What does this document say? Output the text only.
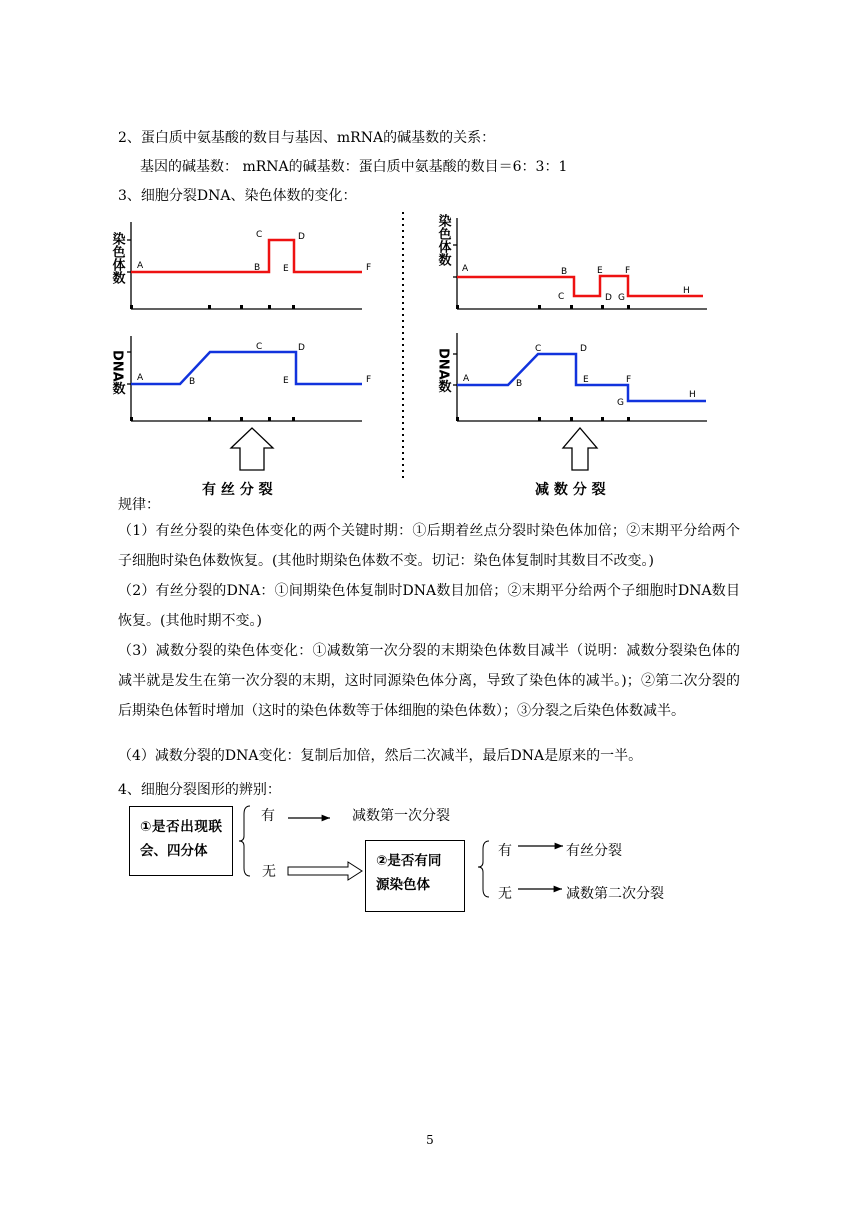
2、蛋白质中氨基酸的数目与基因、mRNA的碱基数的关系：
基因的碱基数： mRNA的碱基数：蛋白质中氨基酸的数目＝6：3：1
3、细胞分裂DNA、染色体数的变化：
染色体数 A	B
C	D
E	F
DNA数 A	B
C	D
E	F
染色体数
A	B
C
E
D
F
G
H
DNA数 A	B
C	D
E	F
G
H
有 丝 分 裂	减 数 分 裂
规律：

（1）有丝分裂的染色体变化的两个关键时期：①后期着丝点分裂时染色体加倍；②末期平分给两个子细胞时染色体数恢复。(其他时期染色体数不变。切记：染色体复制时其数目不改变。)

（2）有丝分裂的DNA：①间期染色体复制时DNA数目加倍；②末期平分给两个子细胞时DNA数目恢复。(其他时期不变。)

（3）减数分裂的染色体变化：①减数第一次分裂的末期染色体数目减半（说明：减数分裂染色体的减半就是发生在第一次分裂的末期，这时同源染色体分离，导致了染色体的减半。)；②第二次分裂的后期染色体暂时增加（这时的染色体数等于体细胞的染色体数）；③分裂之后染色体数减半。

（4）减数分裂的DNA变化：复制后加倍，然后二次减半，最后DNA是原来的一半。

4、细胞分裂图形的辨别：
①是否出现联会、四分体
②是否有同源染色体
有	减数第一次分裂
无
有	有丝分裂
无	减数第二次分裂
5
